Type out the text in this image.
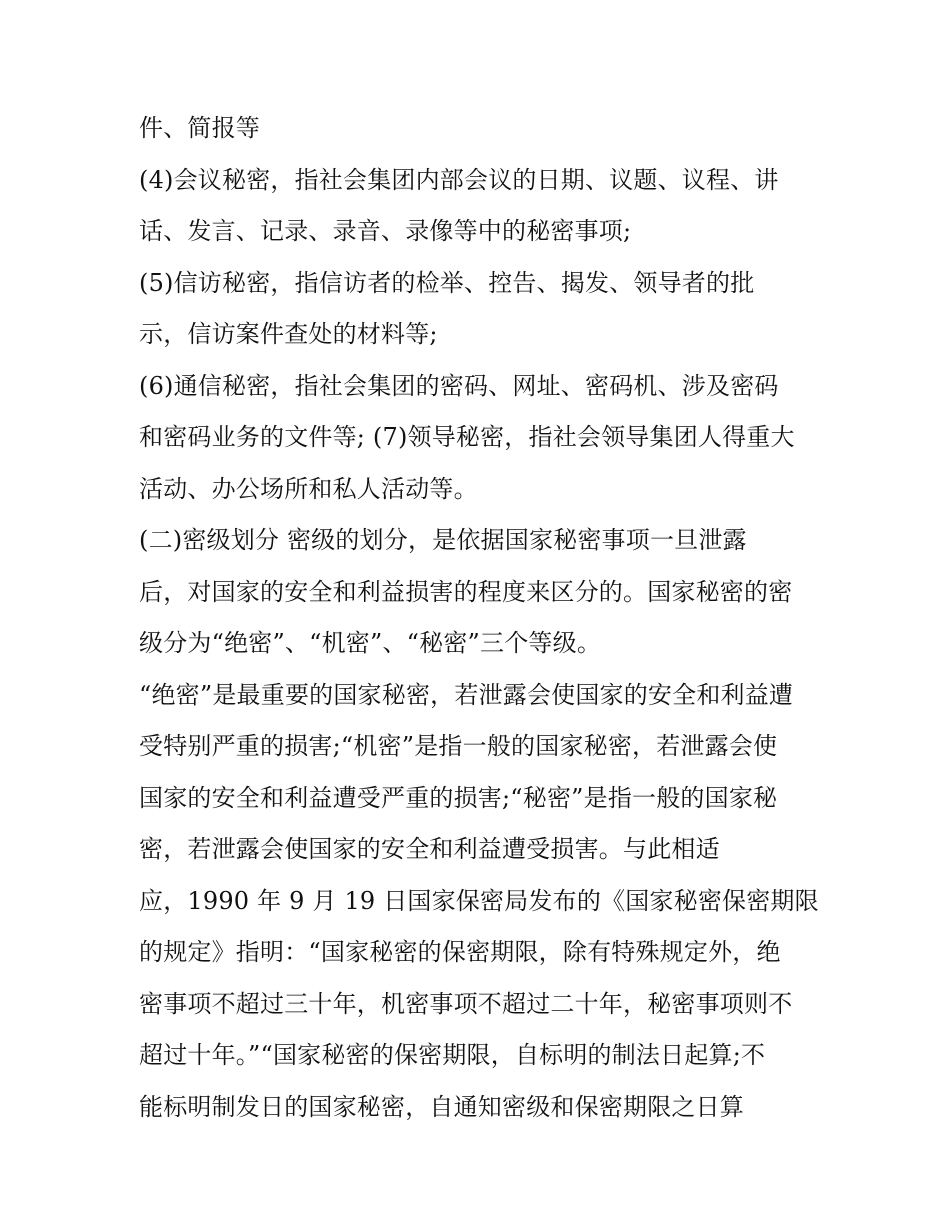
件、简报等
(4)会议秘密，指社会集团内部会议的日期、议题、议程、讲
话、发言、记录、录音、录像等中的秘密事项;
(5)信访秘密，指信访者的检举、控告、揭发、领导者的批
示，信访案件查处的材料等;
(6)通信秘密，指社会集团的密码、网址、密码机、涉及密码
和密码业务的文件等; (7)领导秘密，指社会领导集团人得重大
活动、办公场所和私人活动等。
(二)密级划分 密级的划分，是依据国家秘密事项一旦泄露
后，对国家的安全和利益损害的程度来区分的。国家秘密的密
级分为“绝密”、“机密”、“秘密”三个等级。
“绝密”是最重要的国家秘密，若泄露会使国家的安全和利益遭
受特别严重的损害;“机密”是指一般的国家秘密，若泄露会使
国家的安全和利益遭受严重的损害;“秘密”是指一般的国家秘
密，若泄露会使国家的安全和利益遭受损害。与此相适
应，1990 年 9 月 19 日国家保密局发布的《国家秘密保密期限
的规定》指明：“国家秘密的保密期限，除有特殊规定外，绝
密事项不超过三十年，机密事项不超过二十年，秘密事项则不
超过十年。”“国家秘密的保密期限，自标明的制法日起算;不
能标明制发日的国家秘密，自通知密级和保密期限之日算
